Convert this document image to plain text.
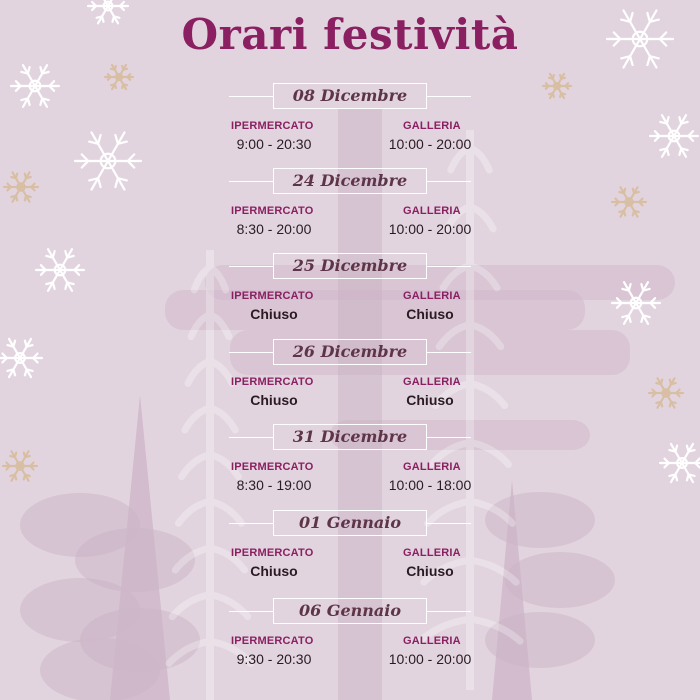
Orari festività
08 Dicembre
IPERMERCATO
9:00 - 20:30
GALLERIA
10:00 - 20:00
24 Dicembre
IPERMERCATO
8:30 - 20:00
GALLERIA
10:00 - 20:00
25 Dicembre
IPERMERCATO
Chiuso
GALLERIA
Chiuso
26 Dicembre
IPERMERCATO
Chiuso
GALLERIA
Chiuso
31 Dicembre
IPERMERCATO
8:30 - 19:00
GALLERIA
10:00 - 18:00
01 Gennaio
IPERMERCATO
Chiuso
GALLERIA
Chiuso
06 Gennaio
IPERMERCATO
9:30 - 20:30
GALLERIA
10:00 - 20:00
